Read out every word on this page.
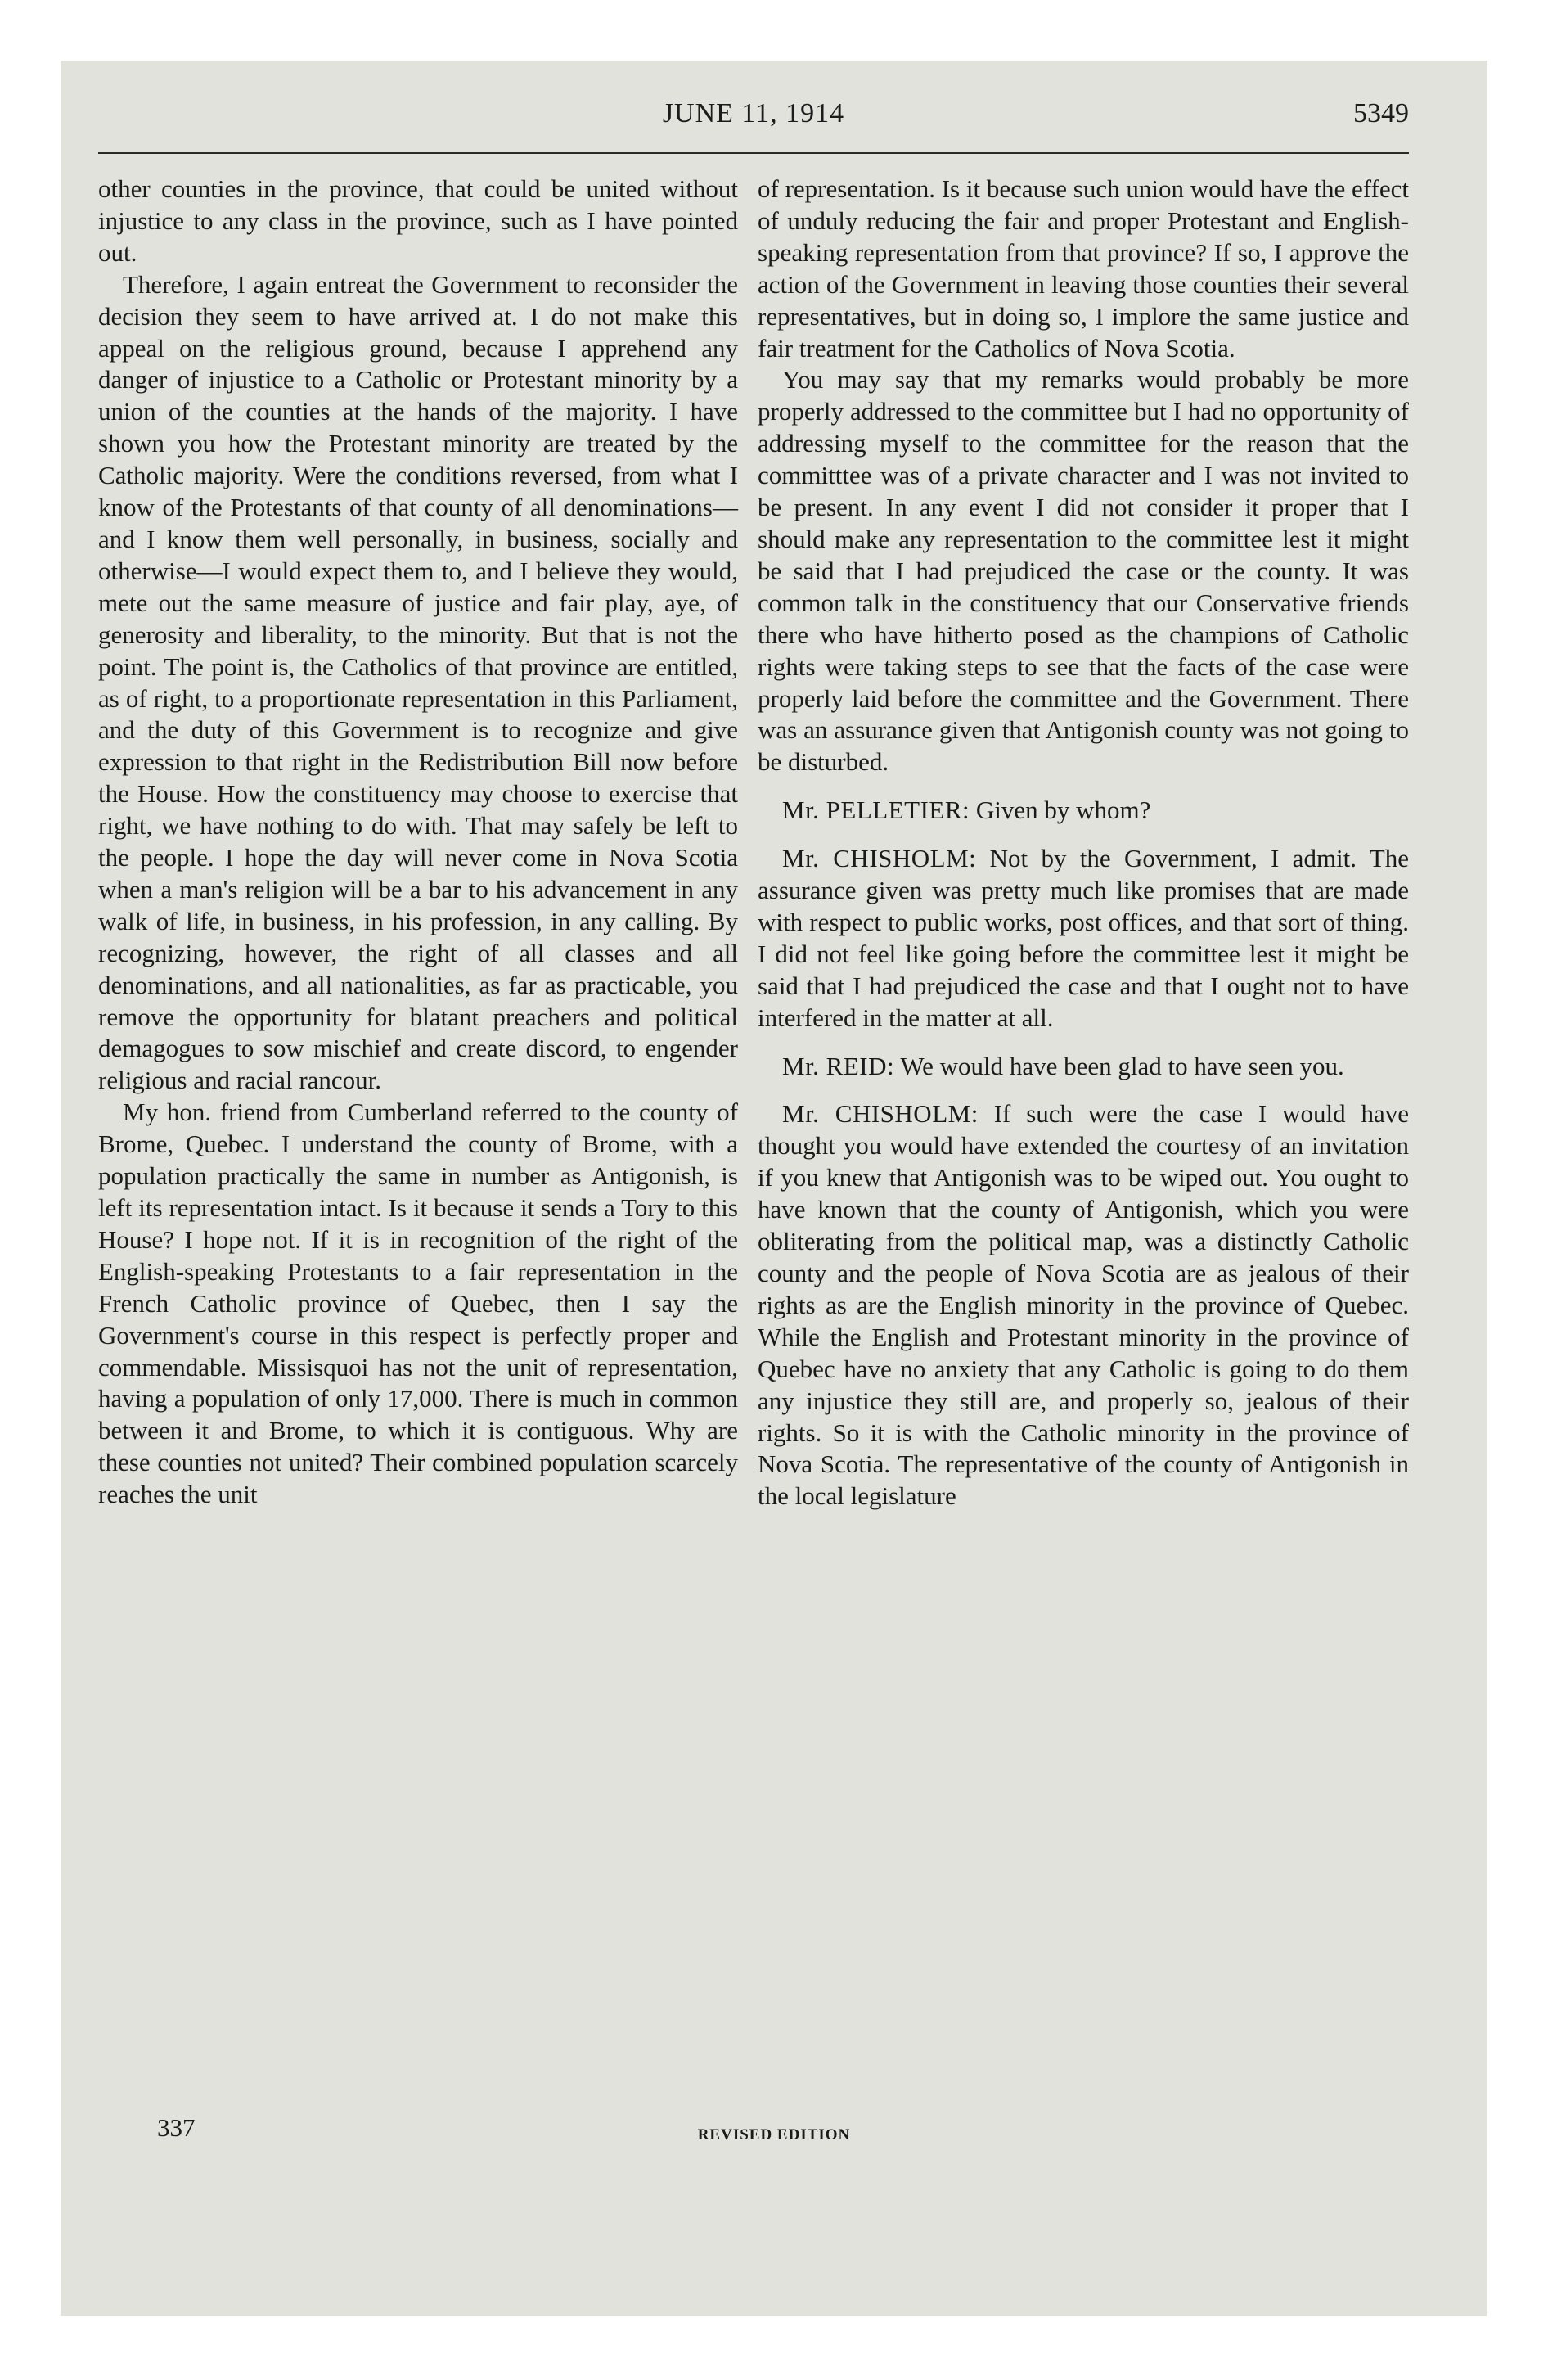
JUNE 11, 1914	5349

other counties in the province, that could be united without injustice to any class in the province, such as I have pointed out.

Therefore, I again entreat the Government to reconsider the decision they seem to have arrived at. I do not make this appeal on the religious ground, because I apprehend any danger of injustice to a Catholic or Protestant minority by a union of the counties at the hands of the majority. I have shown you how the Protestant minority are treated by the Catholic majority. Were the conditions reversed, from what I know of the Protestants of that county of all denominations—and I know them well personally, in business, socially and otherwise—I would expect them to, and I believe they would, mete out the same measure of justice and fair play, aye, of generosity and liberality, to the minority. But that is not the point. The point is, the Catholics of that province are entitled, as of right, to a proportionate representation in this Parliament, and the duty of this Government is to recognize and give expression to that right in the Redistribution Bill now before the House. How the constituency may choose to exercise that right, we have nothing to do with. That may safely be left to the people. I hope the day will never come in Nova Scotia when a man's religion will be a bar to his advancement in any walk of life, in business, in his profession, in any calling. By recognizing, however, the right of all classes and all denominations, and all nationalities, as far as practicable, you remove the opportunity for blatant preachers and political demagogues to sow mischief and create discord, to engender religious and racial rancour.

My hon. friend from Cumberland referred to the county of Brome, Quebec. I understand the county of Brome, with a population practically the same in number as Antigonish, is left its representation intact. Is it because it sends a Tory to this House? I hope not. If it is in recognition of the right of the English-speaking Protestants to a fair representation in the French Catholic province of Quebec, then I say the Government's course in this respect is perfectly proper and commendable. Missisquoi has not the unit of representation, having a population of only 17,000. There is much in common between it and Brome, to which it is contiguous. Why are these counties not united? Their combined population scarcely reaches the unit

of representation. Is it because such union would have the effect of unduly reducing the fair and proper Protestant and English-speaking representation from that province? If so, I approve the action of the Government in leaving those counties their several representatives, but in doing so, I implore the same justice and fair treatment for the Catholics of Nova Scotia.

You may say that my remarks would probably be more properly addressed to the committee but I had no opportunity of addressing myself to the committee for the reason that the committtee was of a private character and I was not invited to be present. In any event I did not consider it proper that I should make any representation to the committee lest it might be said that I had prejudiced the case or the county. It was common talk in the constituency that our Conservative friends there who have hitherto posed as the champions of Catholic rights were taking steps to see that the facts of the case were properly laid before the committee and the Government. There was an assurance given that Antigonish county was not going to be disturbed.

Mr. PELLETIER: Given by whom?

Mr. CHISHOLM: Not by the Government, I admit. The assurance given was pretty much like promises that are made with respect to public works, post offices, and that sort of thing. I did not feel like going before the committee lest it might be said that I had prejudiced the case and that I ought not to have interfered in the matter at all.

Mr. REID: We would have been glad to have seen you.

Mr. CHISHOLM: If such were the case I would have thought you would have extended the courtesy of an invitation if you knew that Antigonish was to be wiped out. You ought to have known that the county of Antigonish, which you were obliterating from the political map, was a distinctly Catholic county and the people of Nova Scotia are as jealous of their rights as are the English minority in the province of Quebec. While the English and Protestant minority in the province of Quebec have no anxiety that any Catholic is going to do them any injustice they still are, and properly so, jealous of their rights. So it is with the Catholic minority in the province of Nova Scotia. The representative of the county of Antigonish in the local legislature

337	REVISED EDITION
